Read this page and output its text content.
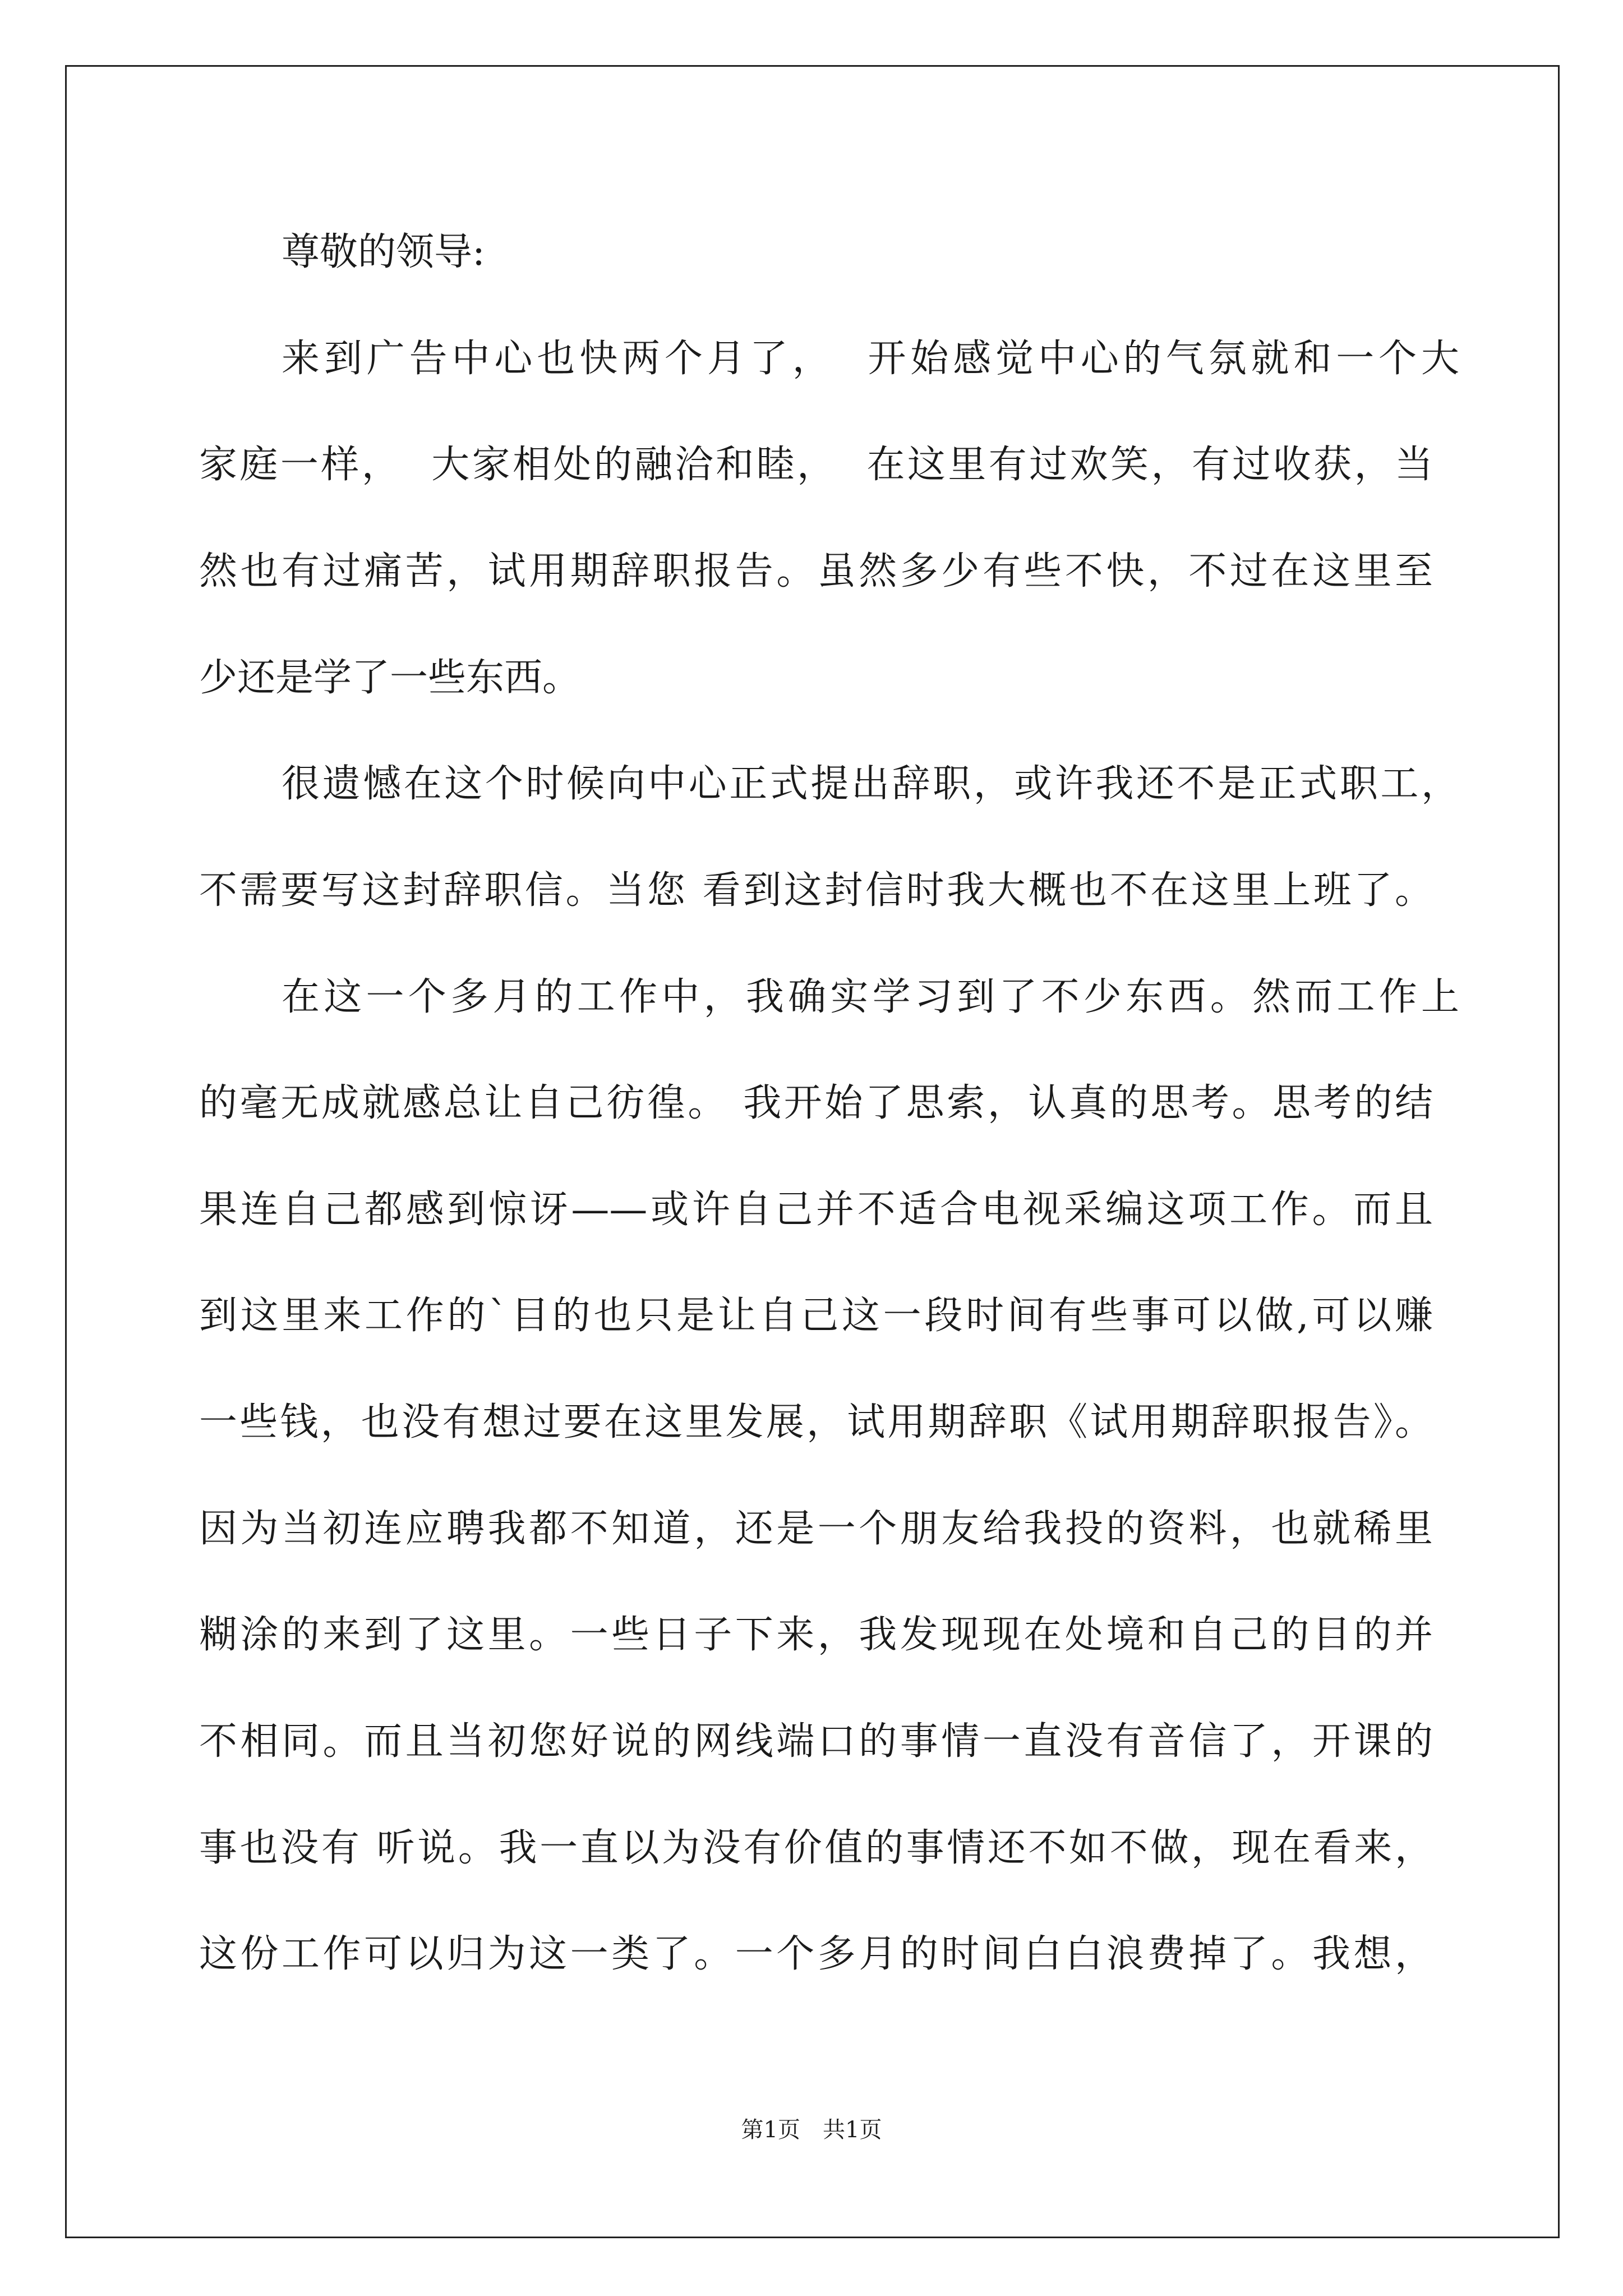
尊敬的领导:
来到广告中心也快两个月了，  开始感觉中心的气氛就和一个大
家庭一样，  大家相处的融洽和睦，  在这里有过欢笑，有过收获，当
然也有过痛苦，试用期辞职报告。虽然多少有些不快，不过在这里至
少还是学了一些东西。
很遗憾在这个时候向中心正式提出辞职，或许我还不是正式职工，
不需要写这封辞职信。当您 看到这封信时我大概也不在这里上班了。
在这一个多月的工作中，我确实学习到了不少东西。然而工作上
的毫无成就感总让自己彷徨。 我开始了思索，认真的思考。思考的结
果连自己都感到惊讶——或许自己并不适合电视采编这项工作。而且
到这里来工作的`目的也只是让自己这一段时间有些事可以做,可以赚
一些钱，也没有想过要在这里发展，试用期辞职《试用期辞职报告》。
因为当初连应聘我都不知道，还是一个朋友给我投的资料，也就稀里
糊涂的来到了这里。一些日子下来，我发现现在处境和自己的目的并
不相同。而且当初您好说的网线端口的事情一直没有音信了，开课的
事也没有 听说。我一直以为没有价值的事情还不如不做，现在看来，
这份工作可以归为这一类了。一个多月的时间白白浪费掉了。我想，
第1页　共1页
